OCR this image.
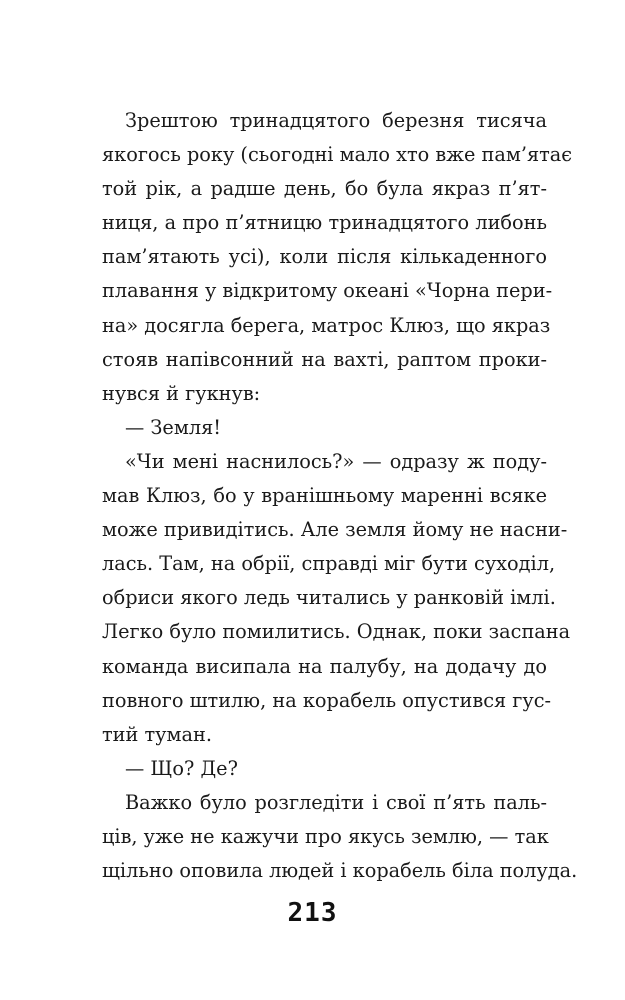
Зрештою тринадцятого березня тисяча
якогось року (сьогодні мало хто вже пам’ятає
той рік, а радше день, бо була якраз п’ят-
ниця, а про п’ятницю тринадцятого либонь
пам’ятають усі), коли після кількаденного
плавання у відкритому океані «Чорна пери-
на» досягла берега, матрос Клюз, що якраз
стояв напівсонний на вахті, раптом проки-
нувся й гукнув:
— Земля!
«Чи мені наснилось?» — одразу ж поду-
мав Клюз, бо у вранішньому маренні всяке
може привидітись. Але земля йому не насни-
лась. Там, на обрії, справді міг бути суходіл,
обриси якого ледь читались у ранковій імлі.
Легко було помилитись. Однак, поки заспана
команда висипала на палубу, на додачу до
повного штилю, на корабель опустився гус-
тий туман.
— Що? Де?
Важко було розгледіти і свої п’ять паль-
ців, уже не кажучи про якусь землю, — так
щільно оповила людей і корабель біла полуда.
213
